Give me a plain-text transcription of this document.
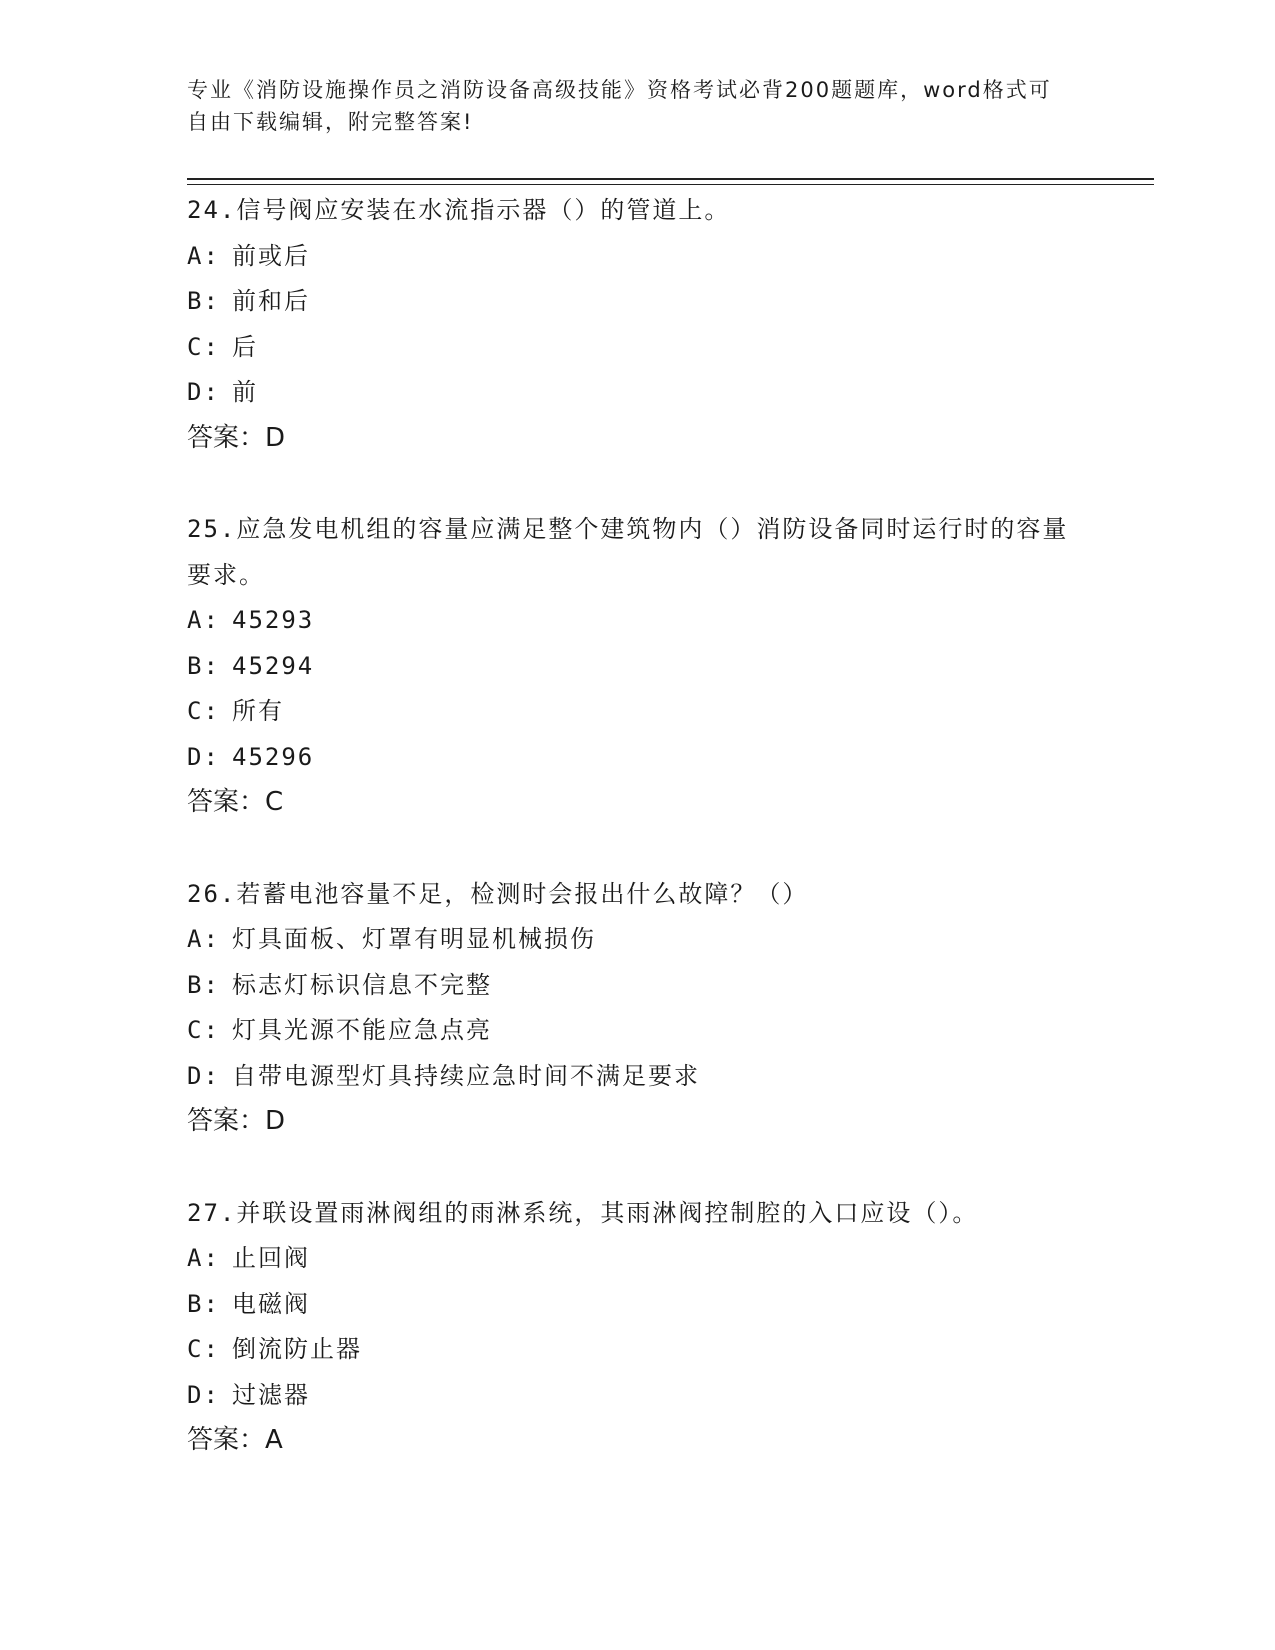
专业《消防设施操作员之消防设备高级技能》资格考试必背200题题库，word格式可自由下载编辑，附完整答案!

24.信号阀应安装在水流指示器（）的管道上。

A: 前或后
B: 前和后
C: 后
D: 前

答案：D

25.应急发电机组的容量应满足整个建筑物内（）消防设备同时运行时的容量要求。

A: 45293
B: 45294
C: 所有
D: 45296

答案：C

26.若蓄电池容量不足，检测时会报出什么故障？（）

A: 灯具面板、灯罩有明显机械损伤
B: 标志灯标识信息不完整
C: 灯具光源不能应急点亮
D: 自带电源型灯具持续应急时间不满足要求

答案：D

27.并联设置雨淋阀组的雨淋系统，其雨淋阀控制腔的入口应设（）。

A: 止回阀
B: 电磁阀
C: 倒流防止器
D: 过滤器

答案：A
